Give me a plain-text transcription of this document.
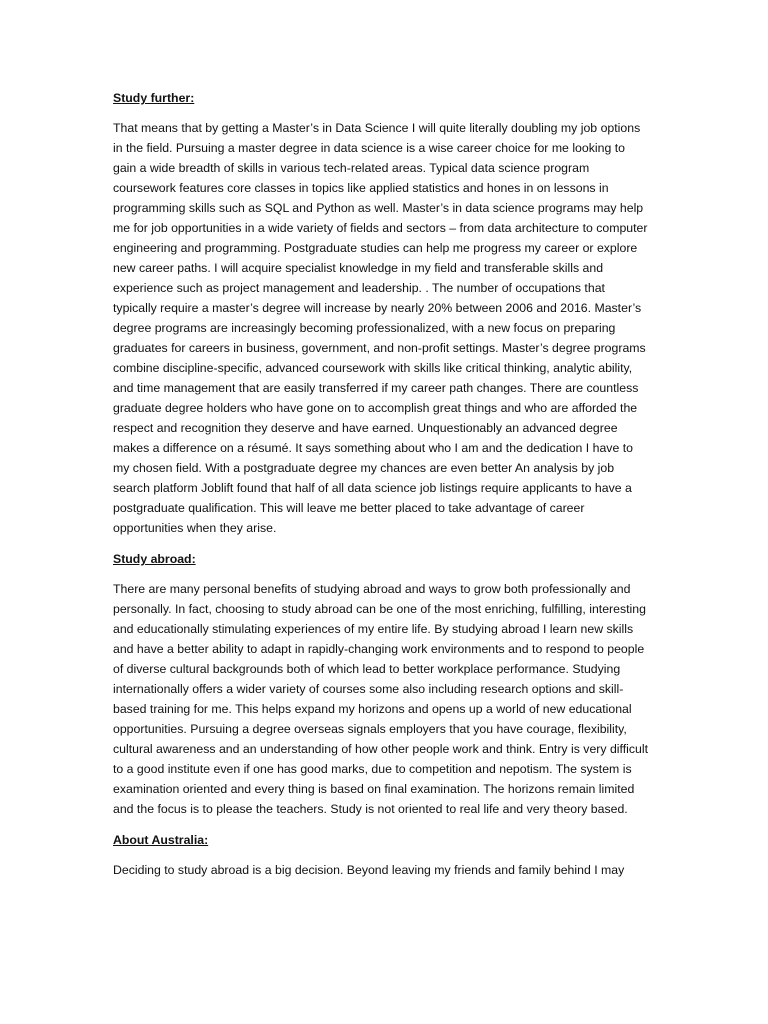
Study further:

That means that by getting a Master’s in Data Science I will quite literally doubling my job options in the field. Pursuing a master degree in data science is a wise career choice for me looking to gain a wide breadth of skills in various tech-related areas. Typical data science program coursework features core classes in topics like applied statistics and hones in on lessons in programming skills such as SQL and Python as well. Master’s in data science programs may help me for job opportunities in a wide variety of fields and sectors – from data architecture to computer engineering and programming. Postgraduate studies can help me progress my career or explore new career paths. I will acquire specialist knowledge in my field and transferable skills and experience such as project management and leadership. . The number of occupations that typically require a master’s degree will increase by nearly 20% between 2006 and 2016. Master’s degree programs are increasingly becoming professionalized, with a new focus on preparing graduates for careers in business, government, and non-profit settings. Master’s degree programs combine discipline-specific, advanced coursework with skills like critical thinking, analytic ability, and time management that are easily transferred if my career path changes. There are countless graduate degree holders who have gone on to accomplish great things and who are afforded the respect and recognition they deserve and have earned. Unquestionably an advanced degree makes a difference on a résumé. It says something about who I am and the dedication I have to my chosen field. With a postgraduate degree my chances are even better An analysis by job search platform Joblift found that half of all data science job listings require applicants to have a postgraduate qualification. This will leave me better placed to take advantage of career opportunities when they arise.

Study abroad:

There are many personal benefits of studying abroad and ways to grow both professionally and personally. In fact, choosing to study abroad can be one of the most enriching, fulfilling, interesting and educationally stimulating experiences of my entire life. By studying abroad I learn new skills and have a better ability to adapt in rapidly-changing work environments and to respond to people of diverse cultural backgrounds both of which lead to better workplace performance. Studying internationally offers a wider variety of courses some also including research options and skill-based training for me. This helps expand my horizons and opens up a world of new educational opportunities. Pursuing a degree overseas signals employers that you have courage, flexibility, cultural awareness and an understanding of how other people work and think. Entry is very difficult to a good institute even if one has good marks, due to competition and nepotism. The system is examination oriented and every thing is based on final examination. The horizons remain limited and the focus is to please the teachers. Study is not oriented to real life and very theory based.

About Australia:

Deciding to study abroad is a big decision. Beyond leaving my friends and family behind I may
